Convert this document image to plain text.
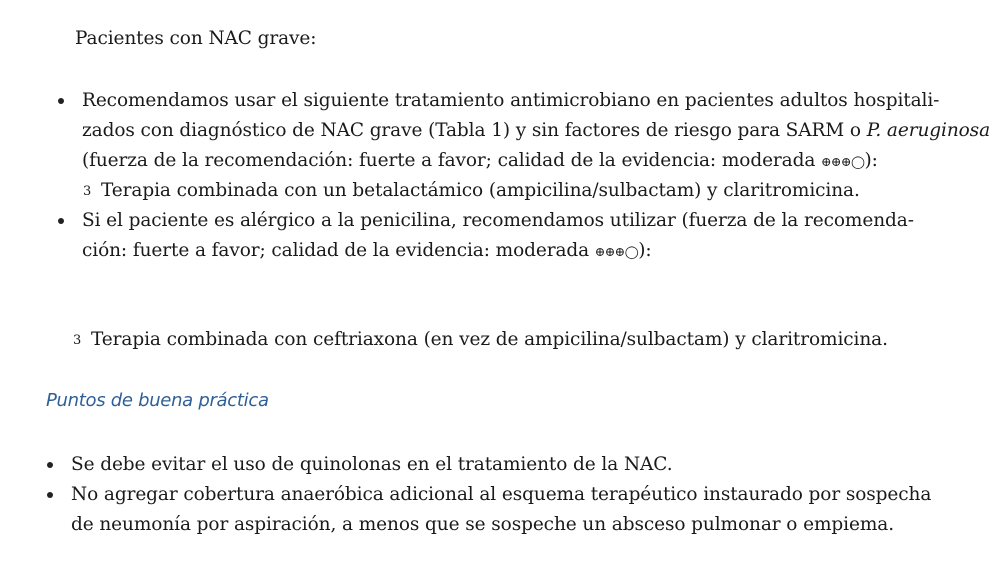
Pacientes con NAC grave:
Recomendamos usar el siguiente tratamiento antimicrobiano en pacientes adultos hospitali-
zados con diagnóstico de NAC grave (Tabla 1) y sin factores de riesgo para SARM o P. aeruginosa
(fuerza de la recomendación: fuerte a favor; calidad de la evidencia: moderada ⊕⊕⊕◯):
3 Terapia combinada con un betalactámico (ampicilina/sulbactam) y claritromicina.
Si el paciente es alérgico a la penicilina, recomendamos utilizar (fuerza de la recomenda-
ción: fuerte a favor; calidad de la evidencia: moderada ⊕⊕⊕◯):
3 Terapia combinada con ceftriaxona (en vez de ampicilina/sulbactam) y claritromicina.
Puntos de buena práctica
Se debe evitar el uso de quinolonas en el tratamiento de la NAC.
No agregar cobertura anaeróbica adicional al esquema terapéutico instaurado por sospecha
de neumonía por aspiración, a menos que se sospeche un absceso pulmonar o empiema.
